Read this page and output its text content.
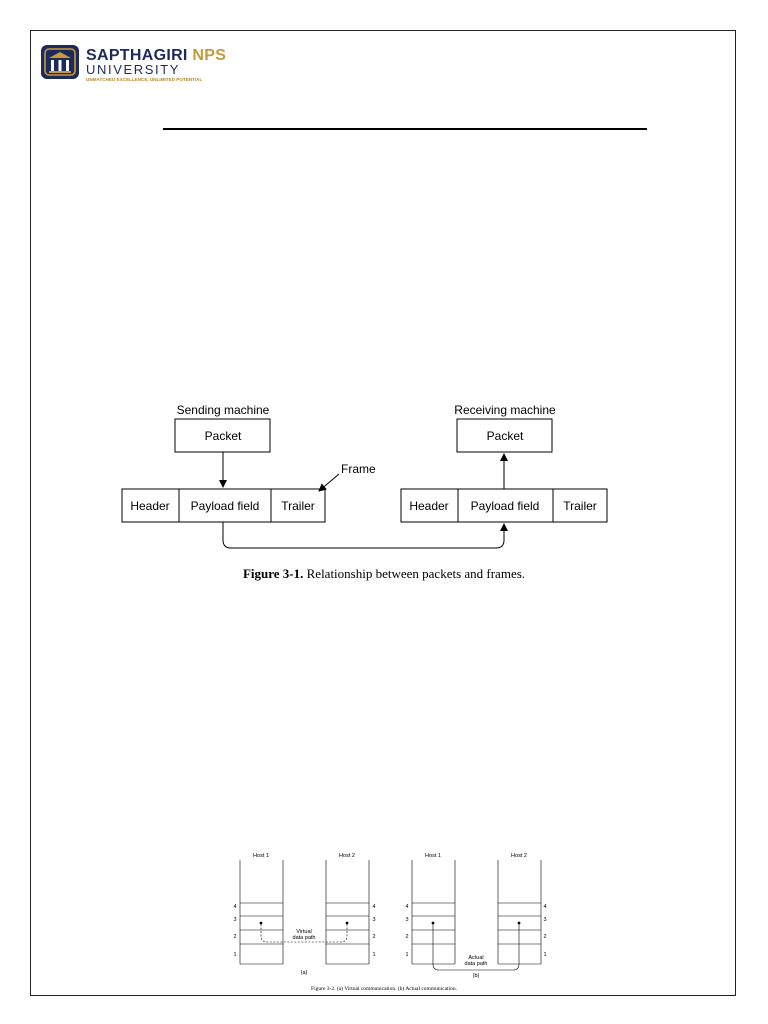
SAPTHAGIRI NPS
UNIVERSITY
UNMATCHED EXCELLENCE, UNLIMITED POTENTIAL
Sending machine	Receiving machine
Packet	Packet
Frame
Header Payload field Trailer	Header Payload field Trailer
Figure 3-1. Relationship between packets and frames.
Host 1	Host 2	Host 1	Host 2
4
3
2
1
4
3
2
1
4
3
2
1
4
3
2
1
Virtual
data path
Actual
data path
(a)	(b)
Figure 3-2. (a) Virtual communication. (b) Actual communication.
